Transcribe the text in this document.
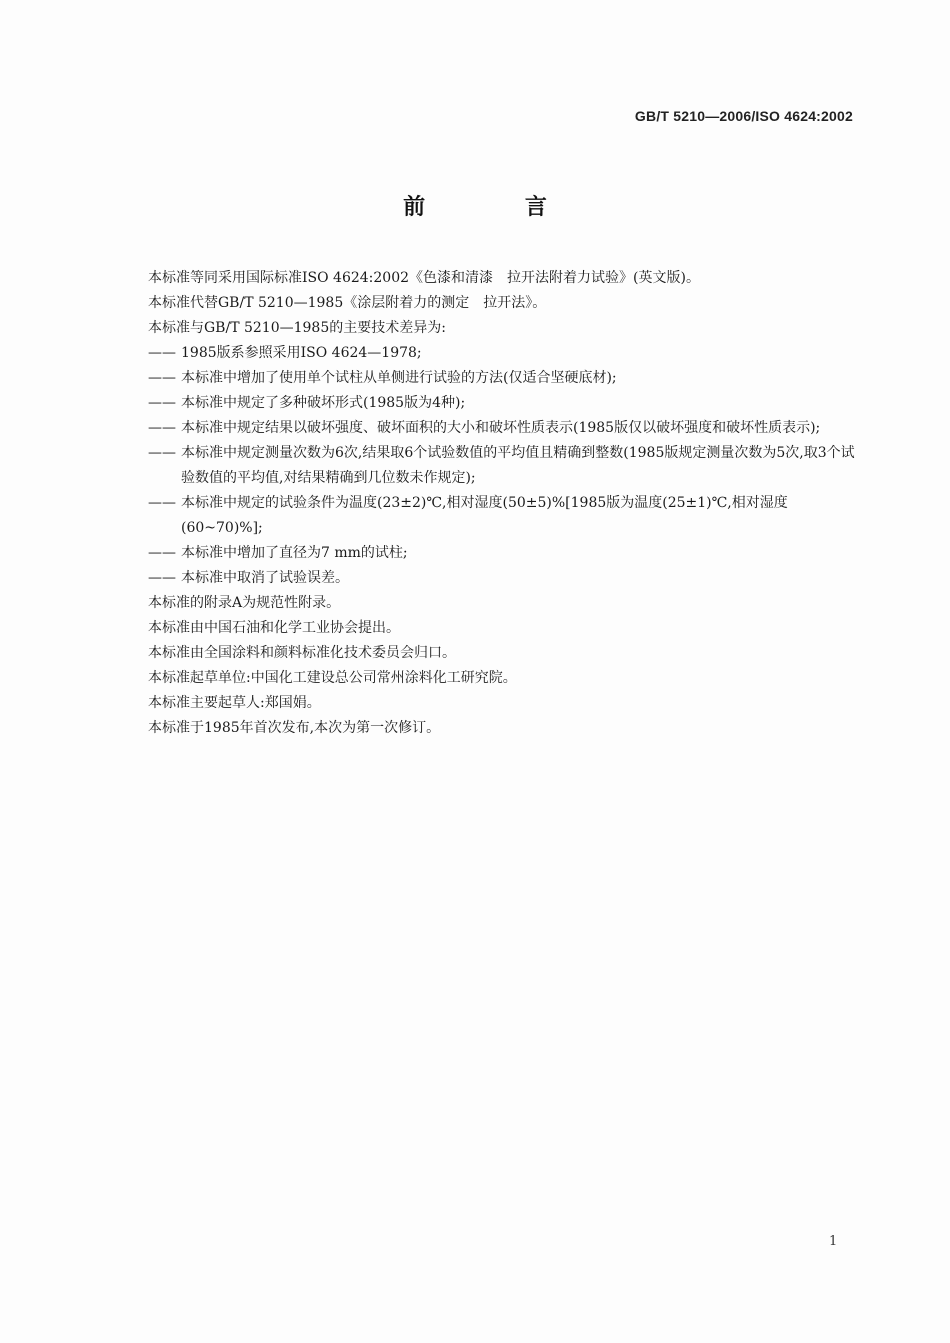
GB/T 5210—2006/ISO 4624:2002
前 言
本标准等同采用国际标准ISO 4624:2002《色漆和清漆　拉开法附着力试验》(英文版)。
本标准代替GB/T 5210—1985《涂层附着力的测定　拉开法》。
本标准与GB/T 5210—1985的主要技术差异为:
—— 1985版系参照采用ISO 4624—1978;
—— 本标准中增加了使用单个试柱从单侧进行试验的方法(仅适合坚硬底材);
—— 本标准中规定了多种破坏形式(1985版为4种);
—— 本标准中规定结果以破坏强度、破坏面积的大小和破坏性质表示(1985版仅以破坏强度和破坏性质表示);
—— 本标准中规定测量次数为6次,结果取6个试验数值的平均值且精确到整数(1985版规定测量次数为5次,取3个试验数值的平均值,对结果精确到几位数未作规定);
—— 本标准中规定的试验条件为温度(23±2)℃,相对湿度(50±5)%[1985版为温度(25±1)℃,相对湿度(60~70)%];
—— 本标准中增加了直径为7 mm的试柱;
—— 本标准中取消了试验误差。
本标准的附录A为规范性附录。
本标准由中国石油和化学工业协会提出。
本标准由全国涂料和颜料标准化技术委员会归口。
本标准起草单位:中国化工建设总公司常州涂料化工研究院。
本标准主要起草人:郑国娟。
本标准于1985年首次发布,本次为第一次修订。
1
